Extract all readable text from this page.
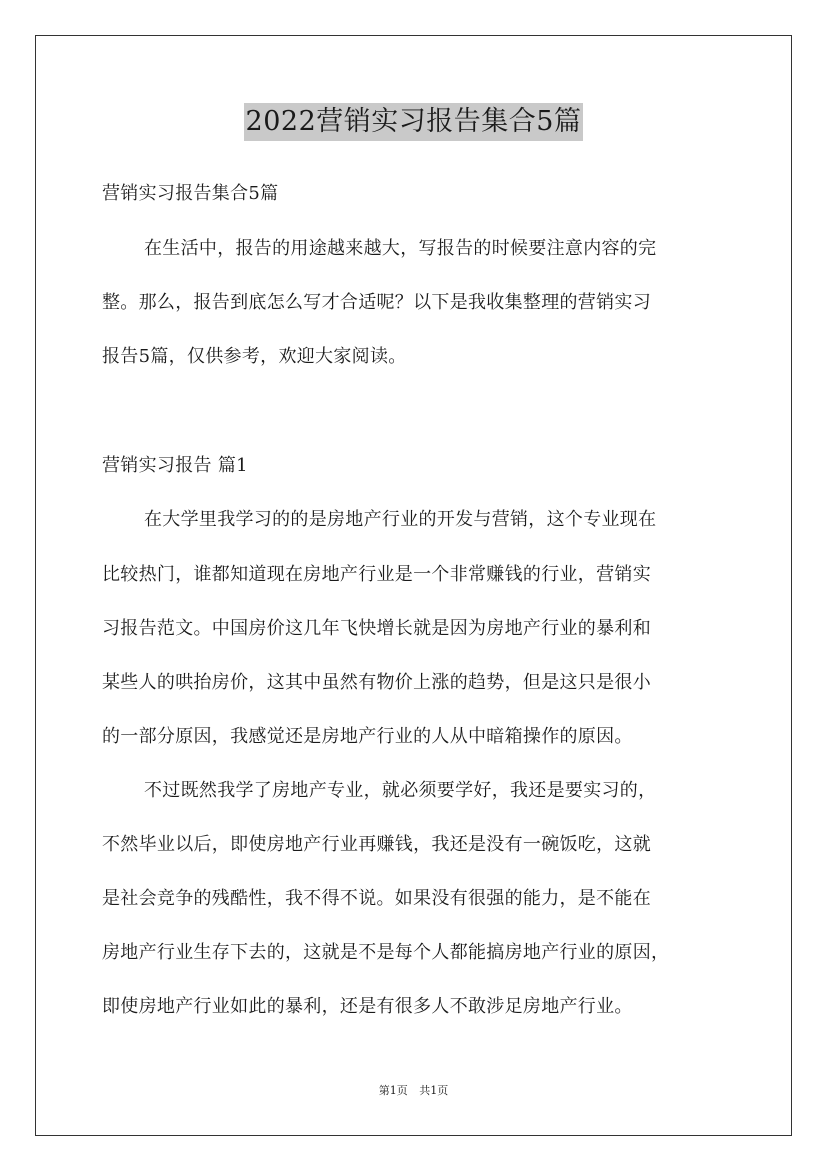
2022营销实习报告集合5篇
营销实习报告集合5篇
在生活中，报告的用途越来越大，写报告的时候要注意内容的完
整。那么，报告到底怎么写才合适呢？以下是我收集整理的营销实习
报告5篇，仅供参考，欢迎大家阅读。
营销实习报告 篇1
在大学里我学习的的是房地产行业的开发与营销，这个专业现在
比较热门，谁都知道现在房地产行业是一个非常赚钱的行业，营销实
习报告范文。中国房价这几年飞快增长就是因为房地产行业的暴利和
某些人的哄抬房价，这其中虽然有物价上涨的趋势，但是这只是很小
的一部分原因，我感觉还是房地产行业的人从中暗箱操作的原因。
不过既然我学了房地产专业，就必须要学好，我还是要实习的，
不然毕业以后，即使房地产行业再赚钱，我还是没有一碗饭吃，这就
是社会竞争的残酷性，我不得不说。如果没有很强的能力，是不能在
房地产行业生存下去的，这就是不是每个人都能搞房地产行业的原因，
即使房地产行业如此的暴利，还是有很多人不敢涉足房地产行业。
第1页 共1页
